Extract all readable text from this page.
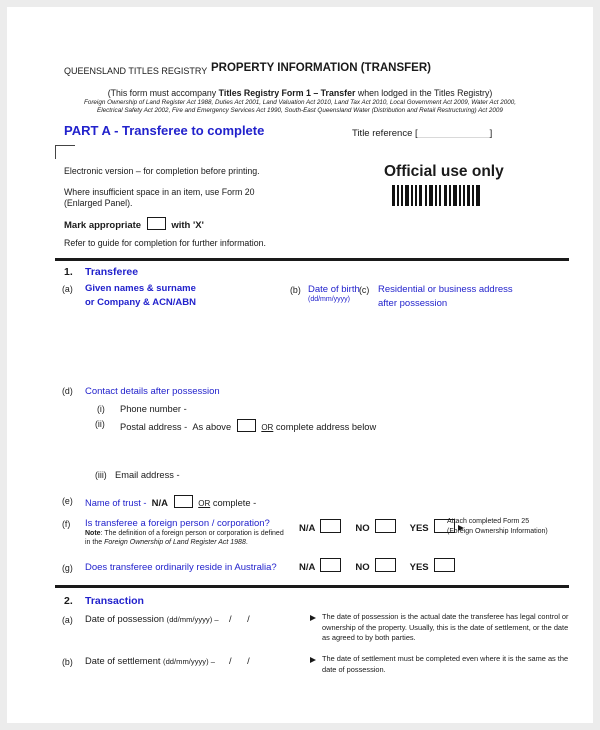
QUEENSLAND TITLES REGISTRY PROPERTY INFORMATION (TRANSFER)
(This form must accompany Titles Registry Form 1 – Transfer when lodged in the Titles Registry)
Foreign Ownership of Land Register Act 1988, Duties Act 2001, Land Valuation Act 2010, Land Tax Act 2010, Local Government Act 2009, Water Act 2000,
Electrical Safety Act 2002, Fire and Emergency Services Act 1990, South-East Queensland Water (Distribution and Retail Restructuring) Act 2009
PART A - Transferee to complete	Title reference [	]
Electronic version – for completion before printing.	Official use only
Where insufficient space in an item, use Form 20
(Enlarged Panel).
Mark appropriate	with 'X'
Refer to guide for completion for further information.
1. Transferee
(a) Given names & surname
or Company & ACN/ABN
(b) Date of birth
(dd/mm/yyyy)
(c) Residential or business address
after possession
(d) Contact details after possession
(i) Phone number -
(ii) Postal address - As above	OR complete address below
(iii) Email address -
(e) Name of trust - N/A	OR complete -
(f) Is transferee a foreign person / corporation?
Note: The definition of a foreign person or corporation is defined
in the Foreign Ownership of Land Register Act 1988.
N/A	NO	YES
Attach completed Form 25
(Foreign Ownership Information)
(g) Does transferee ordinarily reside in Australia? N/A	NO	YES
2. Transaction
(a) Date of possession (dd/mm/yyyy) – /      /	The date of possession is the actual date the transferee has legal control or ownership of the property. Usually, this is the date of settlement, or the date as agreed to by both parties.
(b) Date of settlement (dd/mm/yyyy) – /      /	The date of settlement must be completed even where it is the same as the date of possession.
